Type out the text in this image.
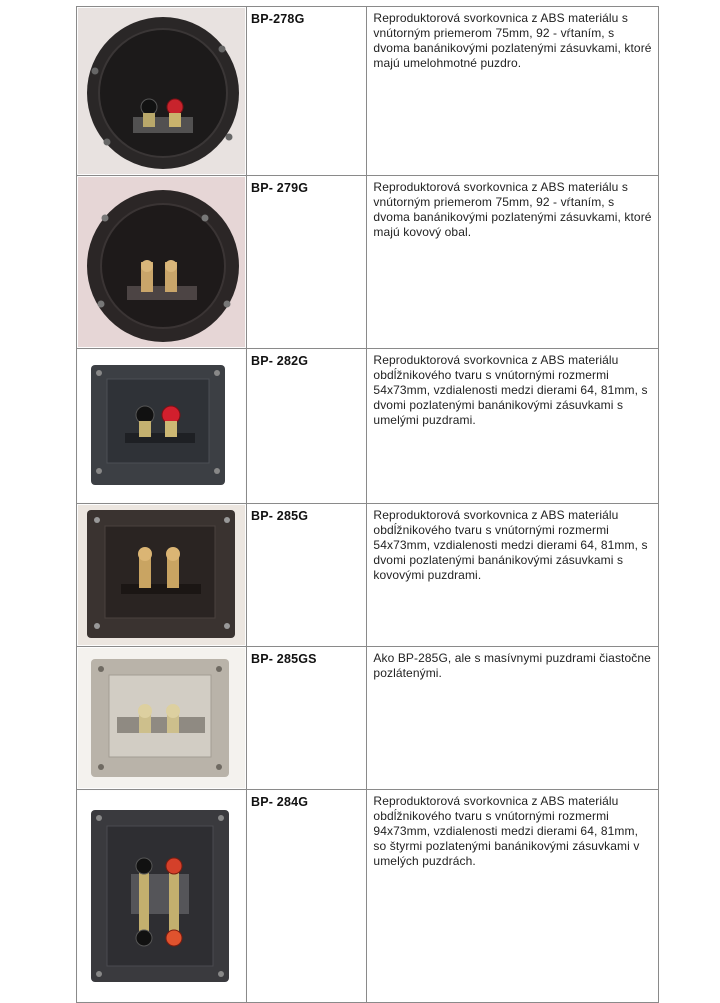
BP-278G	Reproduktorová svorkovnica z ABS materiálu s vnútorným priemerom 75mm, 92 - vŕtaním, s dvoma banánikovými pozlatenými zásuvkami, ktoré majú umelohmotné puzdro.

BP- 279G	Reproduktorová svorkovnica z ABS materiálu s vnútorným priemerom 75mm, 92 - vŕtaním, s dvoma banánikovými pozlatenými zásuvkami, ktoré majú kovový obal.

BP- 282G	Reproduktorová svorkovnica z ABS materiálu obdĺžnikového tvaru s vnútornými rozmermi 54x73mm, vzdialenosti medzi dierami 64, 81mm, s dvomi pozlatenými banánikovými zásuvkami s umelými puzdrami.

BP- 285G	Reproduktorová svorkovnica z ABS materiálu obdĺžnikového tvaru s vnútornými rozmermi 54x73mm, vzdialenosti medzi dierami 64, 81mm, s dvomi pozlatenými banánikovými zásuvkami s kovovými puzdrami.

BP- 285GS	Ako BP-285G, ale s masívnymi puzdrami čiastočne pozlátenými.

BP- 284G	Reproduktorová svorkovnica z ABS materiálu obdĺžnikového tvaru s vnútornými rozmermi 94x73mm, vzdialenosti medzi dierami 64, 81mm, so štyrmi pozlatenými banánikovými zásuvkami v umelých puzdrách.
